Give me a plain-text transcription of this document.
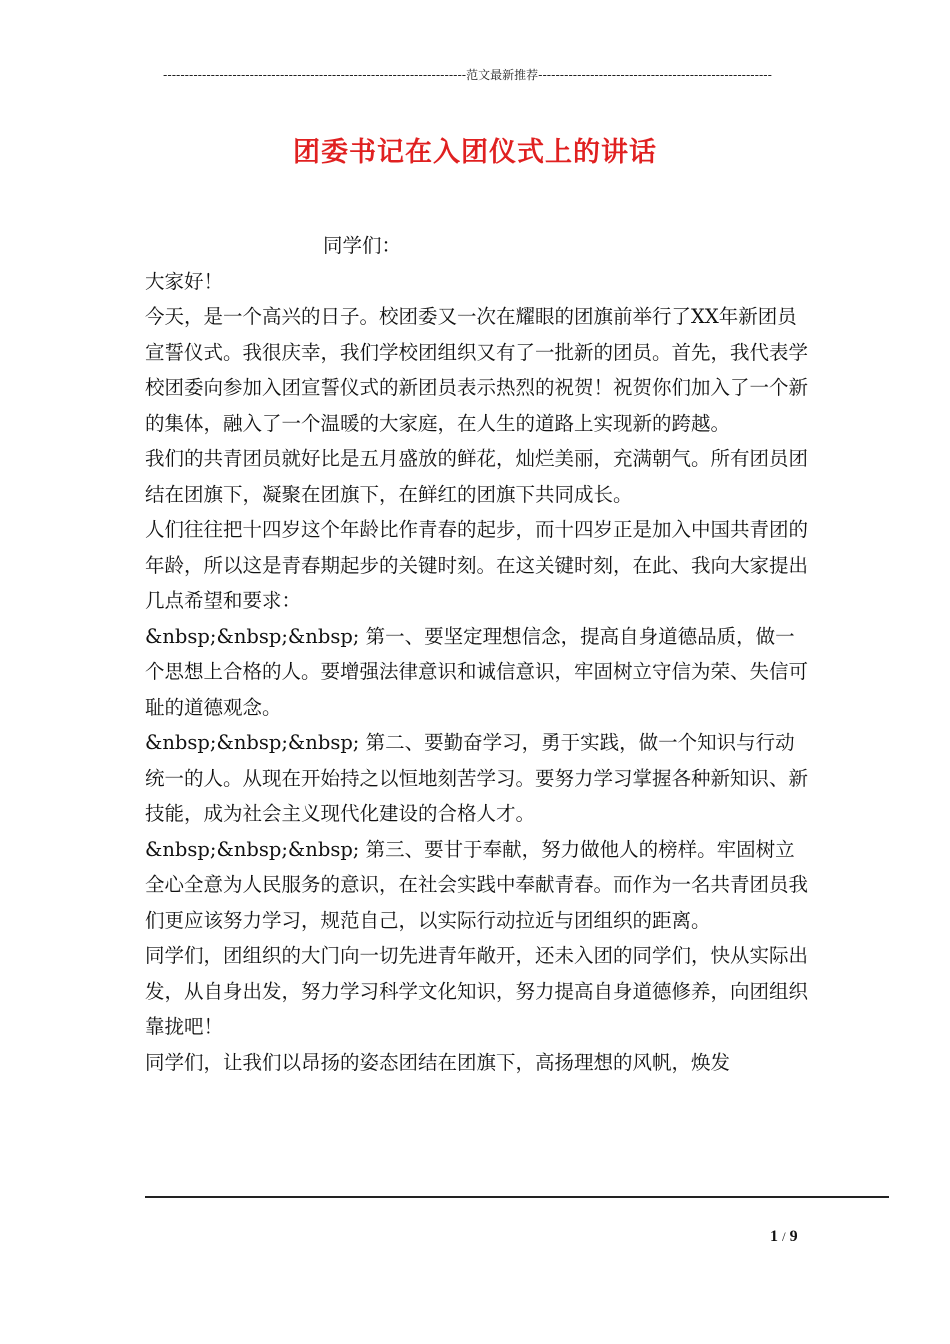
----------------------------------------------------------------------范文最新推荐------------------------------------------------------
团委书记在入团仪式上的讲话

同学们：

大家好！

今天，是一个高兴的日子。校团委又一次在耀眼的团旗前举行了XX年新团员宣誓仪式。我很庆幸，我们学校团组织又有了一批新的团员。首先，我代表学校团委向参加入团宣誓仪式的新团员表示热烈的祝贺！祝贺你们加入了一个新的集体，融入了一个温暖的大家庭，在人生的道路上实现新的跨越。

我们的共青团员就好比是五月盛放的鲜花，灿烂美丽，充满朝气。所有团员团结在团旗下，凝聚在团旗下，在鲜红的团旗下共同成长。

人们往往把十四岁这个年龄比作青春的起步，而十四岁正是加入中国共青团的年龄，所以这是青春期起步的关键时刻。在这关键时刻，在此、我向大家提出几点希望和要求：

&nbsp;&nbsp;&nbsp; 第一、要坚定理想信念，提高自身道德品质，做一个思想上合格的人。要增强法律意识和诚信意识，牢固树立守信为荣、失信可耻的道德观念。

&nbsp;&nbsp;&nbsp; 第二、要勤奋学习，勇于实践，做一个知识与行动统一的人。从现在开始持之以恒地刻苦学习。要努力学习掌握各种新知识、新技能，成为社会主义现代化建设的合格人才。

&nbsp;&nbsp;&nbsp; 第三、要甘于奉献，努力做他人的榜样。牢固树立全心全意为人民服务的意识，在社会实践中奉献青春。而作为一名共青团员我们更应该努力学习，规范自己，以实际行动拉近与团组织的距离。

同学们，团组织的大门向一切先进青年敞开，还未入团的同学们，快从实际出发，从自身出发，努力学习科学文化知识，努力提高自身道德修养，向团组织靠拢吧！

同学们，让我们以昂扬的姿态团结在团旗下，高扬理想的风帆，焕发

1 / 9
